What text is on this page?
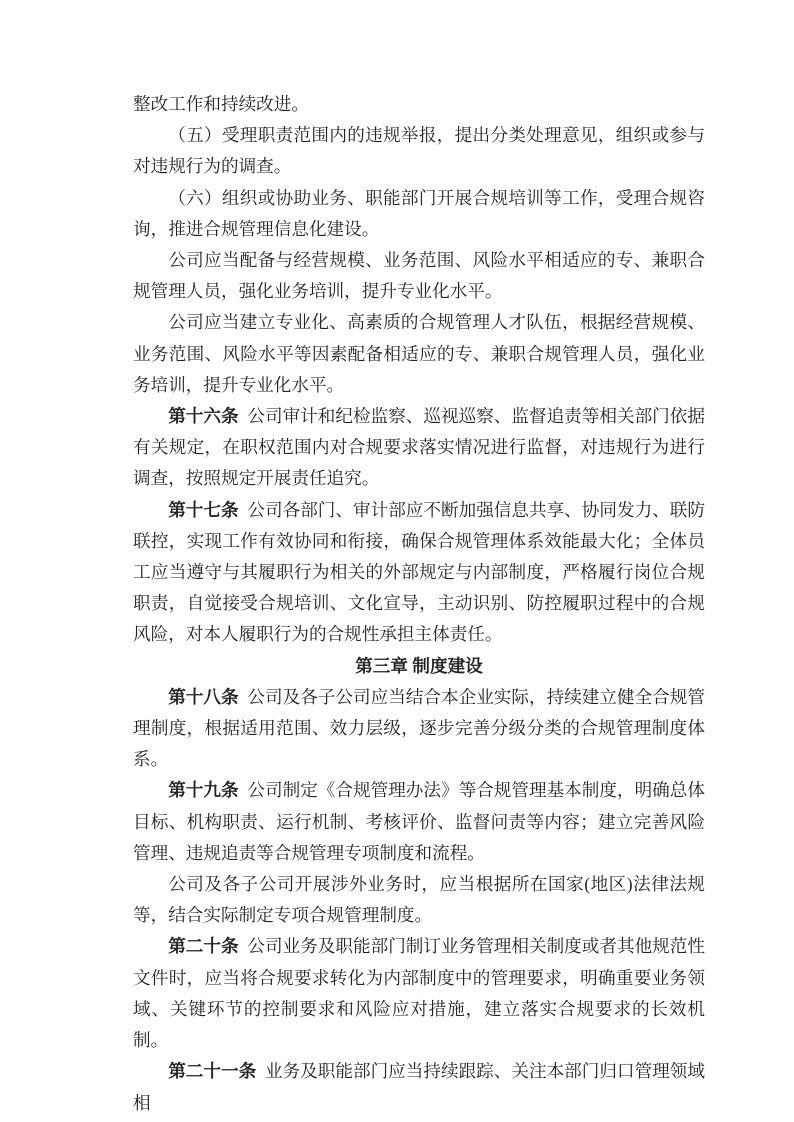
整改工作和持续改进。

（五）受理职责范围内的违规举报，提出分类处理意见，组织或参与对违规行为的调查。

（六）组织或协助业务、职能部门开展合规培训等工作，受理合规咨询，推进合规管理信息化建设。

公司应当配备与经营规模、业务范围、风险水平相适应的专、兼职合规管理人员，强化业务培训，提升专业化水平。

公司应当建立专业化、高素质的合规管理人才队伍，根据经营规模、业务范围、风险水平等因素配备相适应的专、兼职合规管理人员，强化业务培训，提升专业化水平。

第十六条 公司审计和纪检监察、巡视巡察、监督追责等相关部门依据有关规定，在职权范围内对合规要求落实情况进行监督，对违规行为进行调查，按照规定开展责任追究。

第十七条 公司各部门、审计部应不断加强信息共享、协同发力、联防联控，实现工作有效协同和衔接，确保合规管理体系效能最大化；全体员工应当遵守与其履职行为相关的外部规定与内部制度，严格履行岗位合规职责，自觉接受合规培训、文化宣导，主动识别、防控履职过程中的合规风险，对本人履职行为的合规性承担主体责任。

第三章 制度建设

第十八条 公司及各子公司应当结合本企业实际，持续建立健全合规管理制度，根据适用范围、效力层级，逐步完善分级分类的合规管理制度体系。

第十九条 公司制定《合规管理办法》等合规管理基本制度，明确总体目标、机构职责、运行机制、考核评价、监督问责等内容；建立完善风险管理、违规追责等合规管理专项制度和流程。

公司及各子公司开展涉外业务时，应当根据所在国家(地区)法律法规等，结合实际制定专项合规管理制度。

第二十条 公司业务及职能部门制订业务管理相关制度或者其他规范性文件时，应当将合规要求转化为内部制度中的管理要求，明确重要业务领域、关键环节的控制要求和风险应对措施，建立落实合规要求的长效机制。

第二十一条 业务及职能部门应当持续跟踪、关注本部门归口管理领域相
